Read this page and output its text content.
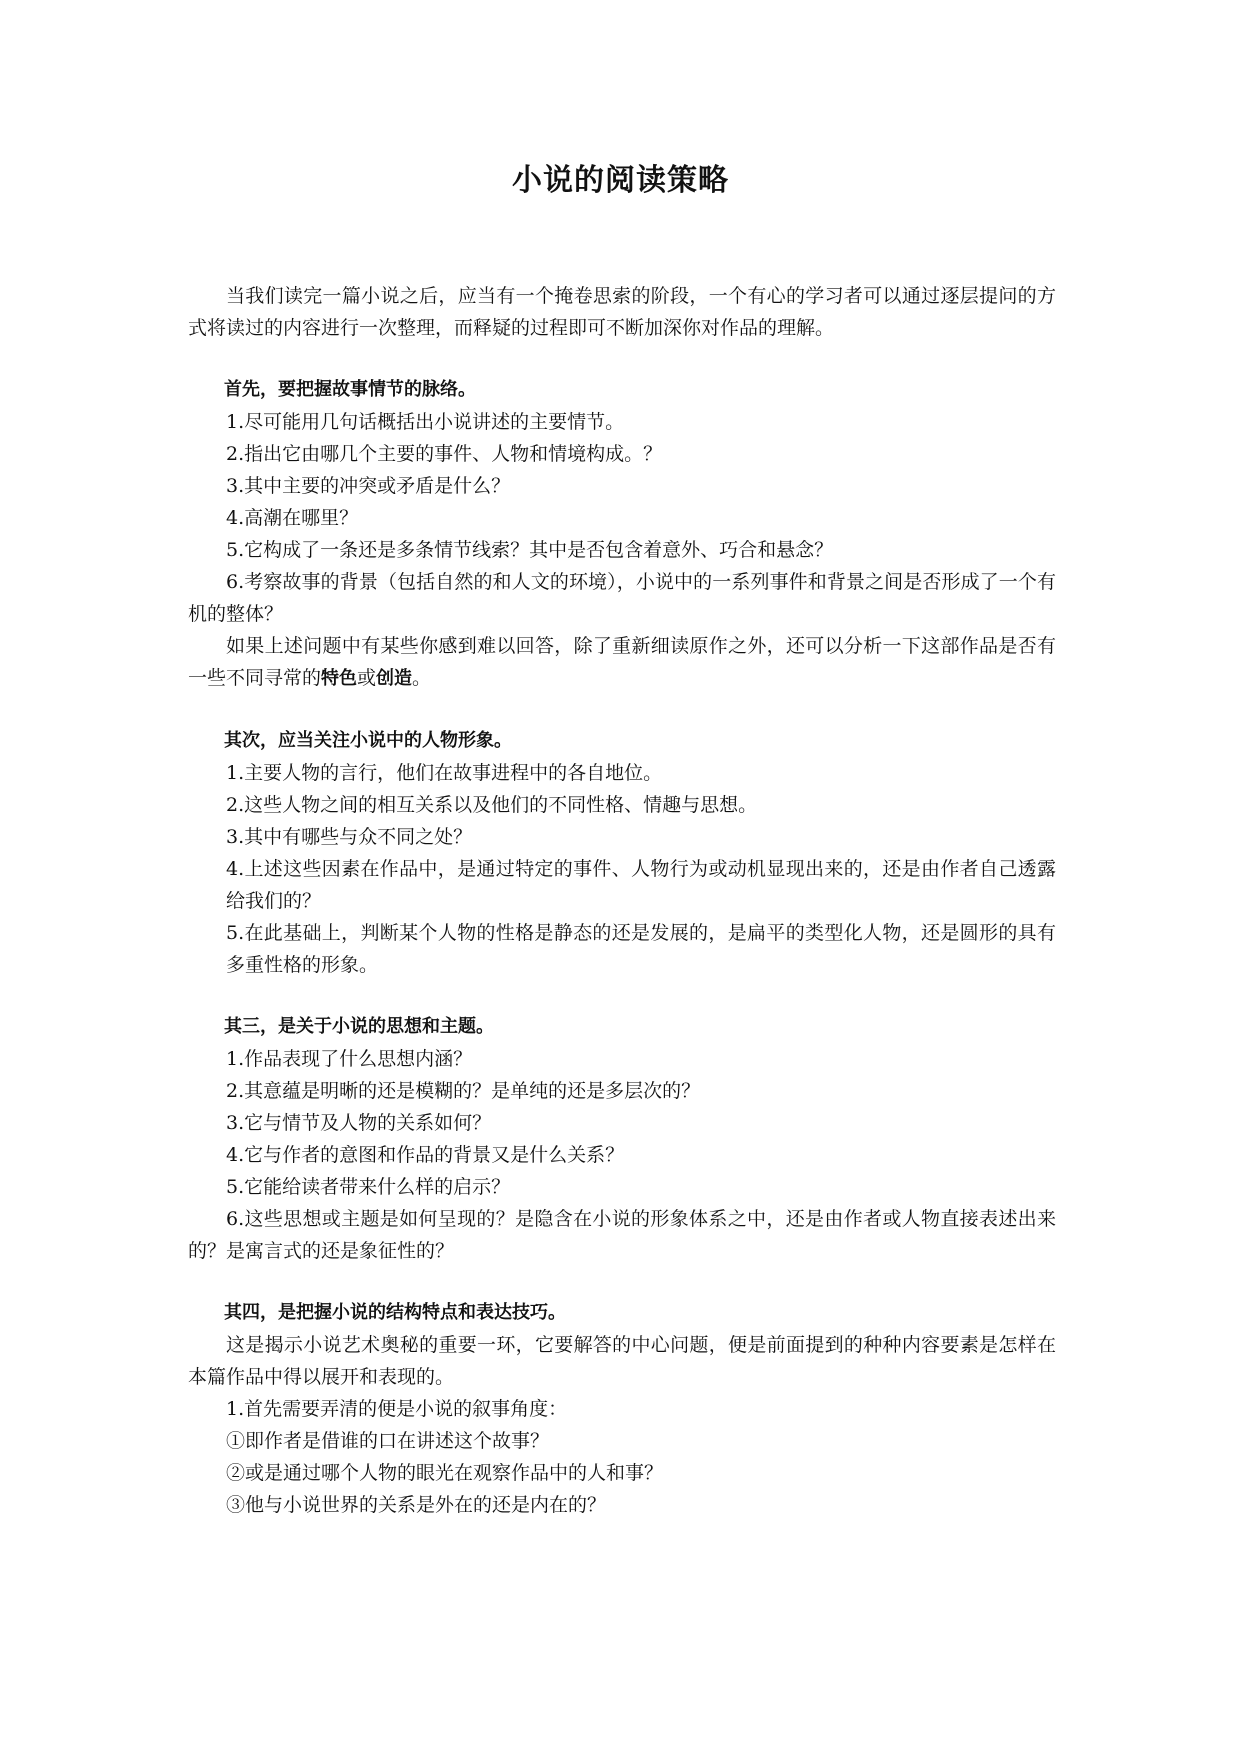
小说的阅读策略

当我们读完一篇小说之后，应当有一个掩卷思索的阶段，一个有心的学习者可以通过逐层提问的方式将读过的内容进行一次整理，而释疑的过程即可不断加深你对作品的理解。

首先，要把握故事情节的脉络。

1.尽可能用几句话概括出小说讲述的主要情节。

2.指出它由哪几个主要的事件、人物和情境构成。？

3.其中主要的冲突或矛盾是什么？

4.高潮在哪里？

5.它构成了一条还是多条情节线索？其中是否包含着意外、巧合和悬念？

6.考察故事的背景（包括自然的和人文的环境），小说中的一系列事件和背景之间是否形成了一个有机的整体？

如果上述问题中有某些你感到难以回答，除了重新细读原作之外，还可以分析一下这部作品是否有一些不同寻常的特色或创造。

其次，应当关注小说中的人物形象。

1.主要人物的言行，他们在故事进程中的各自地位。

2.这些人物之间的相互关系以及他们的不同性格、情趣与思想。

3.其中有哪些与众不同之处？

4.上述这些因素在作品中，是通过特定的事件、人物行为或动机显现出来的，还是由作者自己透露给我们的？

5.在此基础上，判断某个人物的性格是静态的还是发展的，是扁平的类型化人物，还是圆形的具有多重性格的形象。

其三，是关于小说的思想和主题。

1.作品表现了什么思想内涵？

2.其意蕴是明晰的还是模糊的？是单纯的还是多层次的？

3.它与情节及人物的关系如何？

4.它与作者的意图和作品的背景又是什么关系？

5.它能给读者带来什么样的启示？

6.这些思想或主题是如何呈现的？是隐含在小说的形象体系之中，还是由作者或人物直接表述出来的？是寓言式的还是象征性的？

其四，是把握小说的结构特点和表达技巧。

这是揭示小说艺术奥秘的重要一环，它要解答的中心问题，便是前面提到的种种内容要素是怎样在本篇作品中得以展开和表现的。

1.首先需要弄清的便是小说的叙事角度：

①即作者是借谁的口在讲述这个故事？

②或是通过哪个人物的眼光在观察作品中的人和事？

③他与小说世界的关系是外在的还是内在的？
